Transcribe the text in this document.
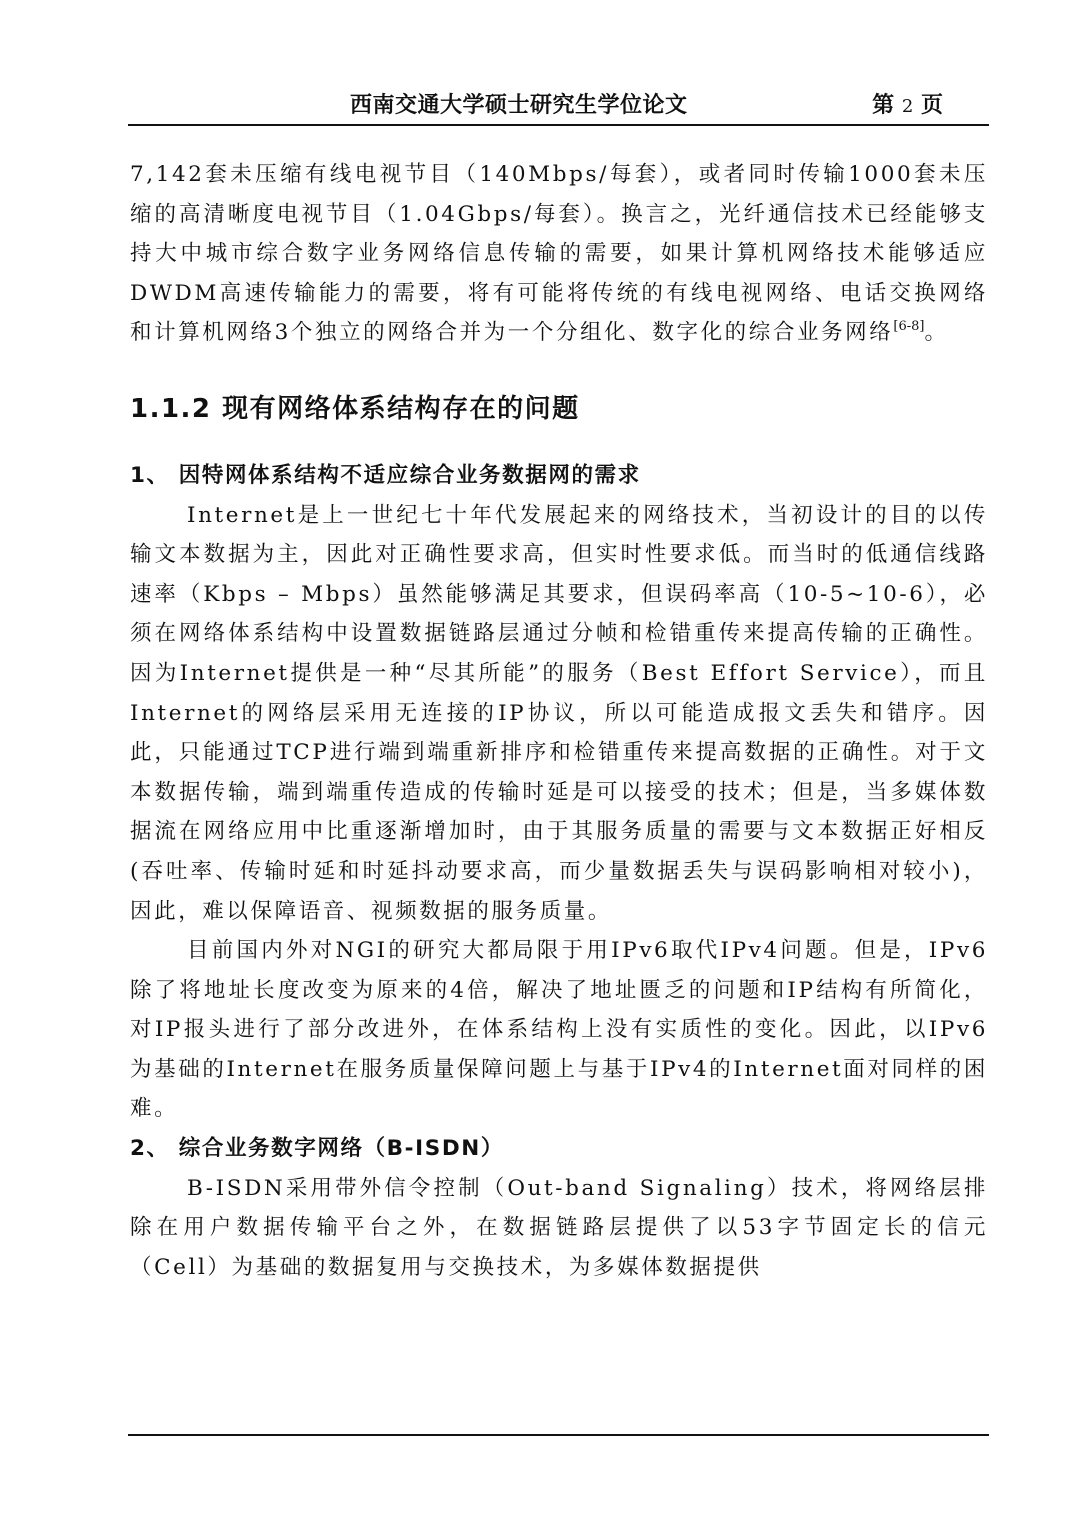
西南交通大学硕士研究生学位论文	第 2 页

7,142套未压缩有线电视节目（140Mbps/每套），或者同时传输1000套未压缩的高清晰度电视节目（1.04Gbps/每套）。换言之，光纤通信技术已经能够支持大中城市综合数字业务网络信息传输的需要，如果计算机网络技术能够适应DWDM高速传输能力的需要，将有可能将传统的有线电视网络、电话交换网络和计算机网络3个独立的网络合并为一个分组化、数字化的综合业务网络[6-8]。

1.1.2 现有网络体系结构存在的问题
1、 因特网体系结构不适应综合业务数据网的需求

Internet是上一世纪七十年代发展起来的网络技术，当初设计的目的以传输文本数据为主，因此对正确性要求高，但实时性要求低。而当时的低通信线路速率（Kbps – Mbps）虽然能够满足其要求，但误码率高（10-5~10-6），必须在网络体系结构中设置数据链路层通过分帧和检错重传来提高传输的正确性。因为Internet提供是一种“尽其所能”的服务（Best Effort Service），而且Internet的网络层采用无连接的IP协议，所以可能造成报文丢失和错序。因此，只能通过TCP进行端到端重新排序和检错重传来提高数据的正确性。对于文本数据传输，端到端重传造成的传输时延是可以接受的技术；但是，当多媒体数据流在网络应用中比重逐渐增加时，由于其服务质量的需要与文本数据正好相反(吞吐率、传输时延和时延抖动要求高，而少量数据丢失与误码影响相对较小)，因此，难以保障语音、视频数据的服务质量。

目前国内外对NGI的研究大都局限于用IPv6取代IPv4问题。但是，IPv6除了将地址长度改变为原来的4倍，解决了地址匮乏的问题和IP结构有所简化，对IP报头进行了部分改进外，在体系结构上没有实质性的变化。因此，以IPv6为基础的Internet在服务质量保障问题上与基于IPv4的Internet面对同样的困难。

2、 综合业务数字网络（B-ISDN）

B-ISDN采用带外信令控制（Out-band Signaling）技术，将网络层排除在用户数据传输平台之外，在数据链路层提供了以53字节固定长的信元（Cell）为基础的数据复用与交换技术，为多媒体数据提供
